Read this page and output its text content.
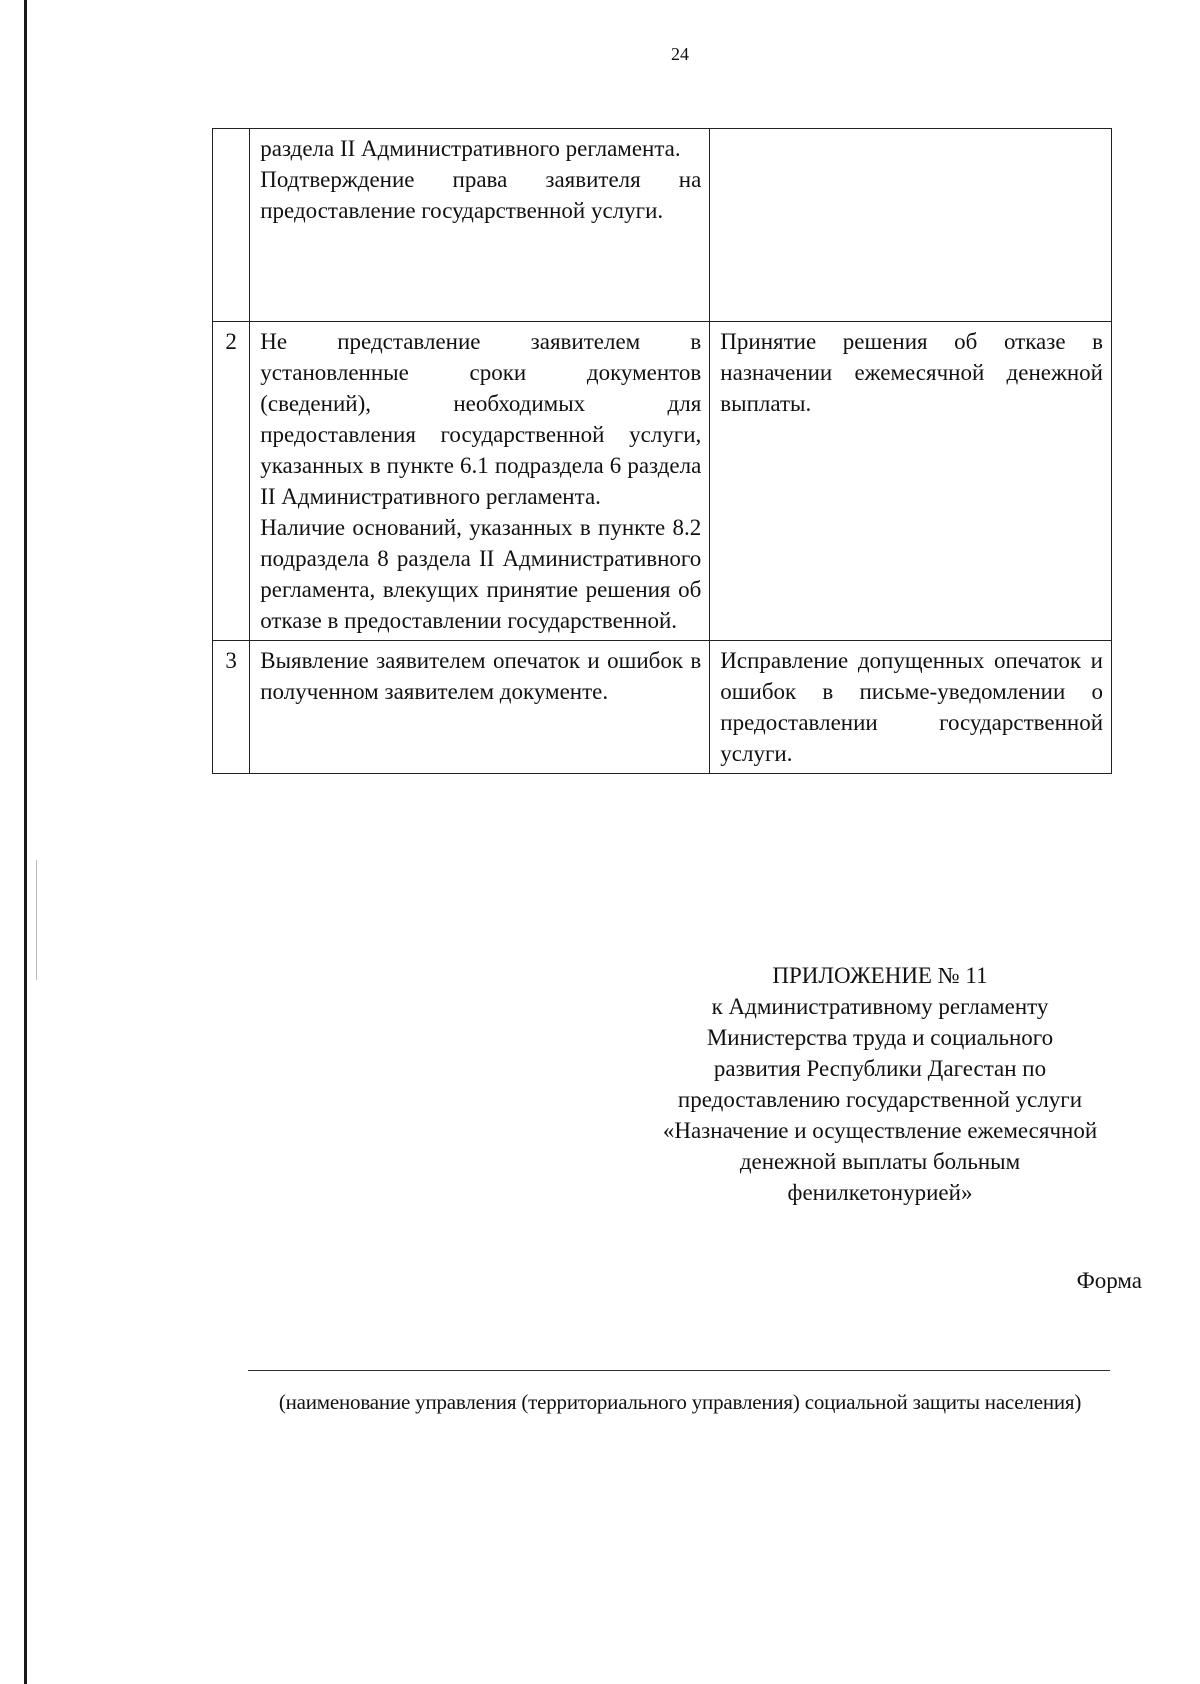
24

	раздела II Административного регламента.
Подтверждение права заявителя на предоставление государственной услуги.	

2	Не представление заявителем в установленные сроки документов (сведений), необходимых для предоставления государственной услуги, указанных в пункте 6.1 подраздела 6 раздела II Административного регламента.
Наличие оснований, указанных в пункте 8.2 подраздела 8 раздела II Административного регламента, влекущих принятие решения об отказе в предоставлении государственной.	Принятие решения об отказе в назначении ежемесячной денежной выплаты.

3	Выявление заявителем опечаток и ошибок в полученном заявителем документе.	Исправление допущенных опечаток и ошибок в письме-уведомлении о предоставлении государственной услуги.
ПРИЛОЖЕНИЕ № 11
к Административному регламенту
Министерства труда и социального
развития Республики Дагестан по
предоставлению государственной услуги
«Назначение и осуществление ежемесячной
денежной выплаты больным
фенилкетонурией»
Форма
(наименование управления (территориального управления) социальной защиты населения)
